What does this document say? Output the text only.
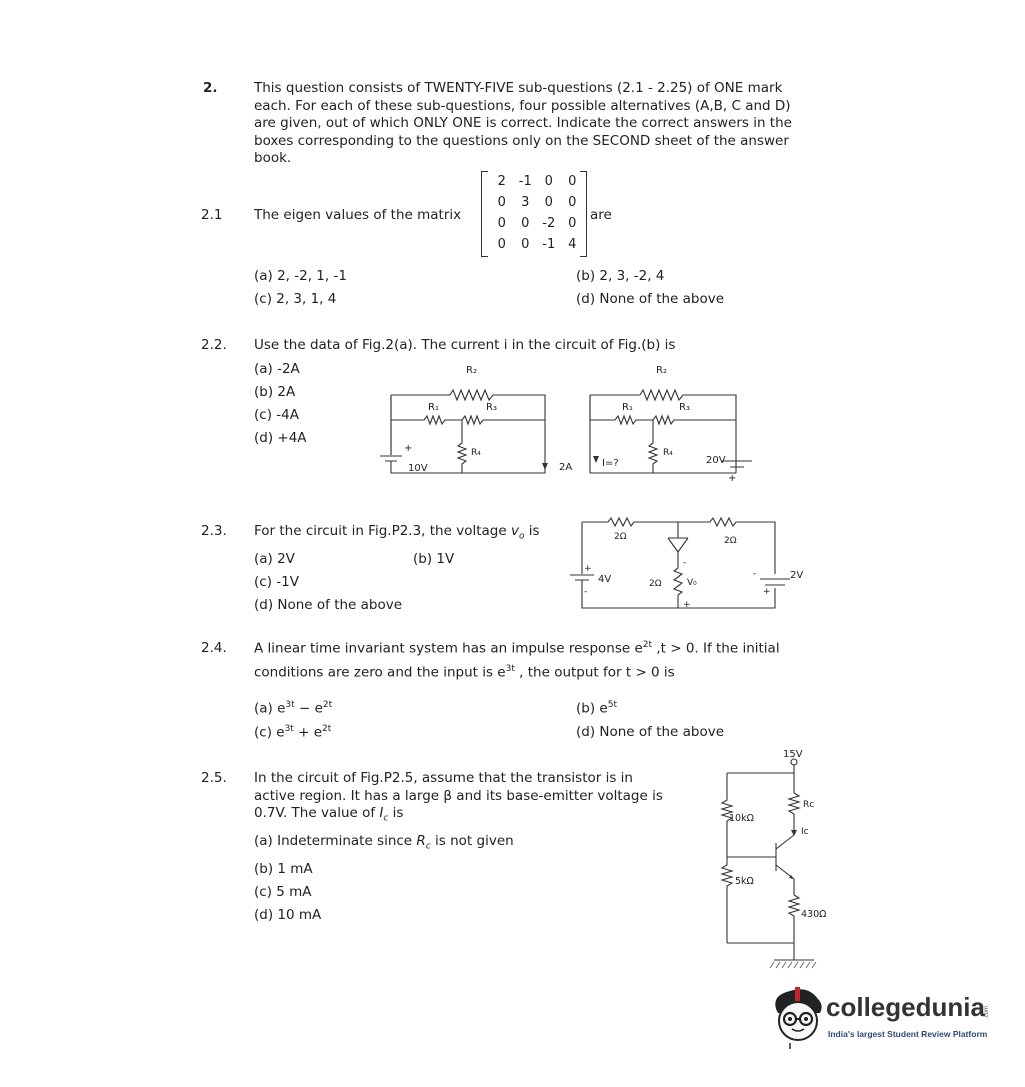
2.	This question consists of TWENTY-FIVE sub-questions (2.1 - 2.25) of ONE mark
each. For each of these sub-questions, four possible alternatives (A,B, C and D)
are given, out of which ONLY ONE is correct. Indicate the correct answers in the
boxes corresponding to the questions only on the SECOND sheet of the answer
book.
2.1 The eigen values of the matrix
2 -1 0	0
0	3	0	0
0	0 -2 0
0	0 -1 4
are
(a) 2, -2, 1, -1	(b) 2, 3, -2, 4
(c) 2, 3, 1, 4	(d) None of the above
2.2. Use the data of Fig.2(a). The current i in the circuit of Fig.(b) is
(a) -2A
(b) 2A
(c) -4A
(d) +4A
R₂
R₁	R₃
R₄
+
10V	2A
R₂
R₁	R₃
R₄
I=?	20V
+
2.3. For the circuit in Fig.P2.3, the voltage $v_o$ is
(a) 2V	(b) 1V
(c) -1V
(d) None of the above
2Ω	2Ω
+
4V
-
2Ω	V₀
-
+
-	2V
+
2.4. A linear time invariant system has an impulse response $e^{2t}$ ,t > 0. If the initial
conditions are zero and the input is $e^{3t}$ , the output for t > 0 is
(a) $e^{3t} - e^{2t}$	(b) $e^{5t}$
(c) $e^{3t} + e^{2t}$	(d) None of the above
2.5. In the circuit of Fig.P2.5, assume that the transistor is in
active region. It has a large β and its base-emitter voltage is
0.7V. The value of $I_c$ is
(a) Indeterminate since $R_c$ is not given
(b) 1 mA
(c) 5 mA
(d) 10 mA
15V
Rc
Ic
10kΩ
5kΩ
430Ω
collegedunia .com
India's largest Student Review Platform
